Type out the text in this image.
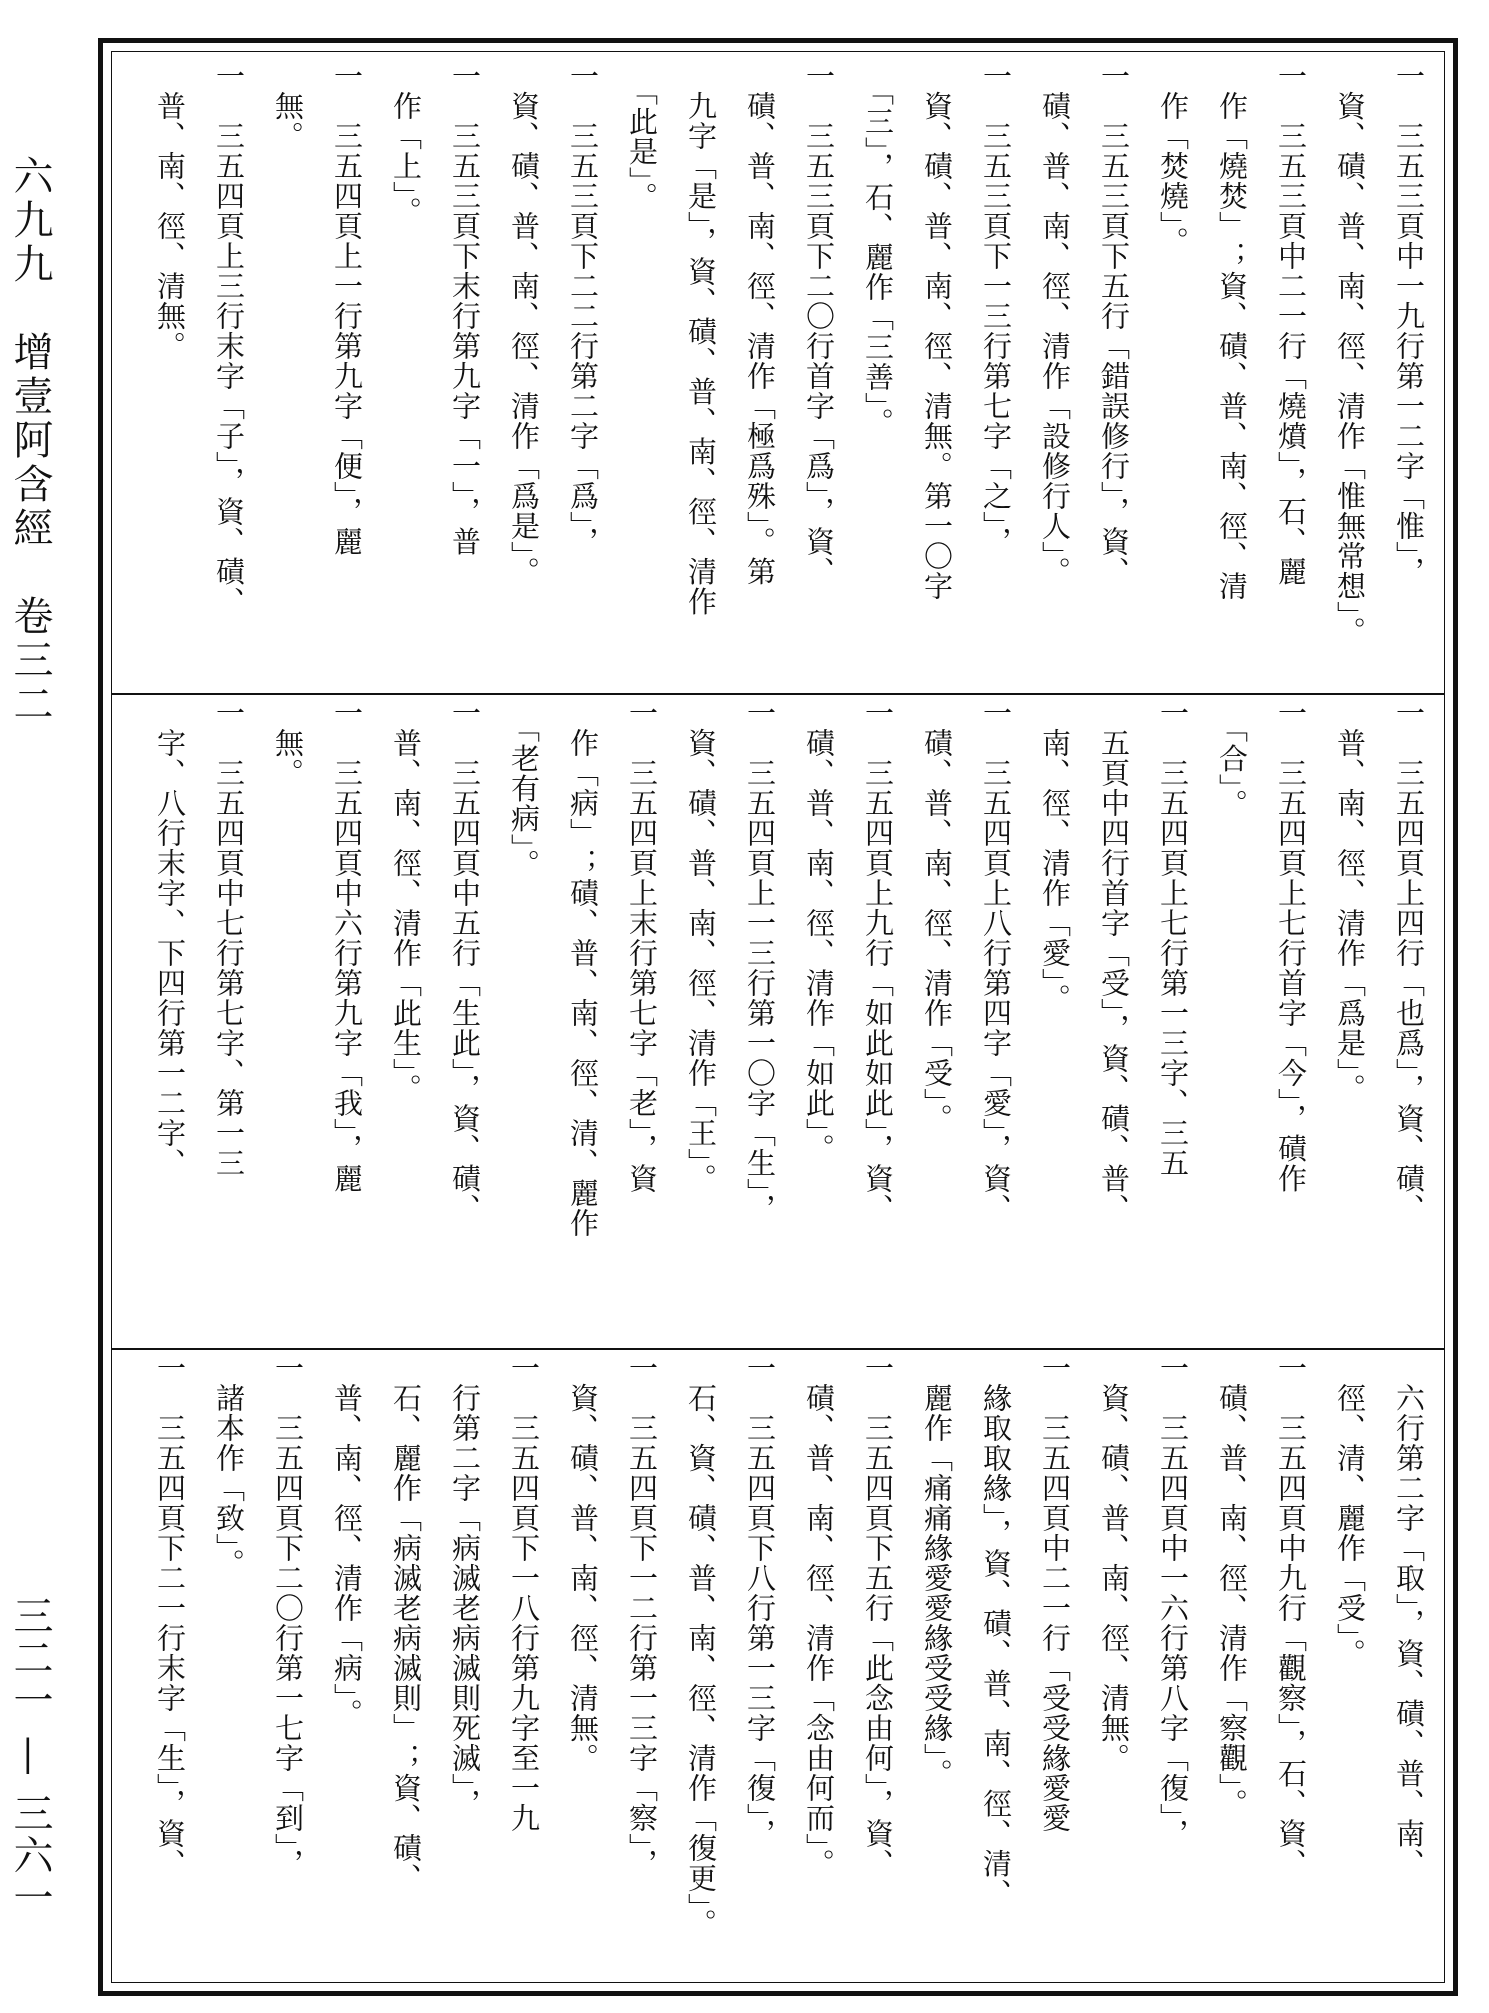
六九九　增壹阿含經　卷三二
三二一 — 三六一
一　三五三頁中一九行第一二字「惟」，
　資、磧、普、南、徑、清作「惟無常想」。
一　三五三頁中二一行「燒燌」，石、麗
　作「燒焚」；資、磧、普、南、徑、清
　作「焚燒」。
一　三五三頁下五行「錯誤修行」，資、
　磧、普、南、徑、清作「設修行人」。
一　三五三頁下一三行第七字「之」，
　資、磧、普、南、徑、清無。第一〇字
　「三」，石、麗作「三善」。
一　三五三頁下二〇行首字「爲」，資、
　磧、普、南、徑、清作「極爲殊」。第
　九字「是」，資、磧、普、南、徑、清作
　「此是」。
一　三五三頁下二二行第二字「爲」，
　資、磧、普、南、徑、清作「爲是」。
一　三五三頁下末行第九字「一」，普
　作「上」。
一　三五四頁上一行第九字「便」，麗
　無。
一　三五四頁上三行末字「子」，資、磧、
　普、南、徑、清無。
一　三五四頁上四行「也爲」，資、磧、
　普、南、徑、清作「爲是」。
一　三五四頁上七行首字「今」，磧作
　「合」。
一　三五四頁上七行第一三字、三五
　五頁中四行首字「受」，資、磧、普、
　南、徑、清作「愛」。
一　三五四頁上八行第四字「愛」，資、
　磧、普、南、徑、清作「受」。
一　三五四頁上九行「如此如此」，資、
　磧、普、南、徑、清作「如此」。
一　三五四頁上一三行第一〇字「生」，
　資、磧、普、南、徑、清作「王」。
一　三五四頁上末行第七字「老」，資
　作「病」；磧、普、南、徑、清、麗作
　「老有病」。
一　三五四頁中五行「生此」，資、磧、
　普、南、徑、清作「此生」。
一　三五四頁中六行第九字「我」，麗
　無。
一　三五四頁中七行第七字、第一三
　字、八行末字、下四行第一二字、
　六行第二字「取」，資、磧、普、南、
　徑、清、麗作「受」。
一　三五四頁中九行「觀察」，石、資、
　磧、普、南、徑、清作「察觀」。
一　三五四頁中一六行第八字「復」，
　資、磧、普、南、徑、清無。
一　三五四頁中二一行「受受緣愛愛
　緣取取緣」，資、磧、普、南、徑、清、
　麗作「痛痛緣愛愛緣受受緣」。
一　三五四頁下五行「此念由何」，資、
　磧、普、南、徑、清作「念由何而」。
一　三五四頁下八行第一三字「復」，
　石、資、磧、普、南、徑、清作「復更」。
一　三五四頁下一二行第一三字「察」，
　資、磧、普、南、徑、清無。
一　三五四頁下一八行第九字至一九
　行第二字「病滅老病滅則死滅」，
　石、麗作「病滅老病滅則」；資、磧、
　普、南、徑、清作「病」。
一　三五四頁下二〇行第一七字「到」，
　諸本作「致」。
一　三五四頁下二一行末字「生」，資、
